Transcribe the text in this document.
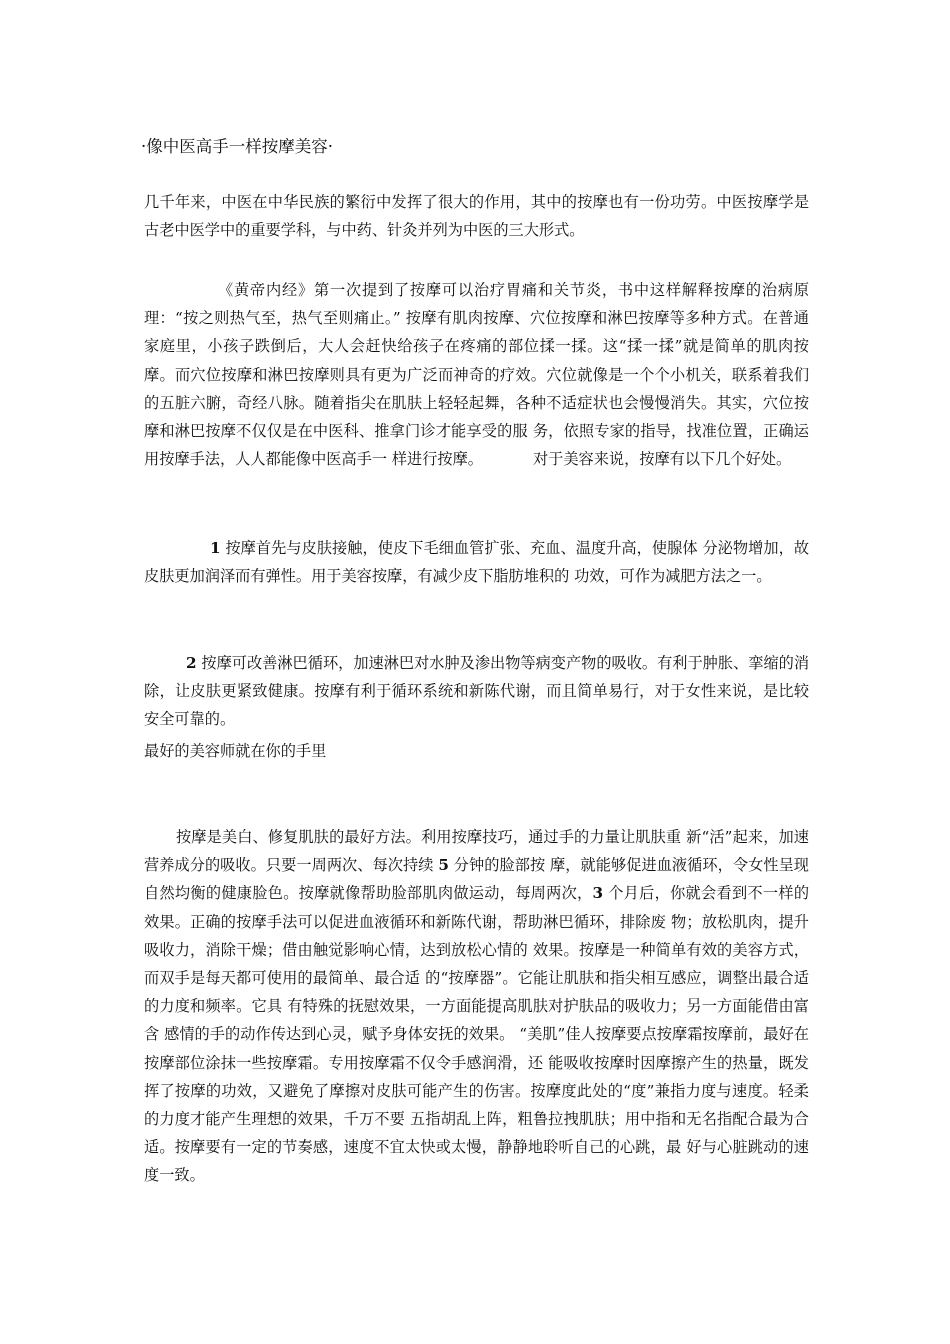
·像中医高手一样按摩美容·

几千年来，中医在中华民族的繁衍中发挥了很大的作用，其中的按摩也有一份功劳。中医按摩学是古老中医学中的重要学科，与中药、针灸并列为中医的三大形式。

《黄帝内经》第一次提到了按摩可以治疗胃痛和关节炎，书中这样解释按摩的治病原理：“按之则热气至，热气至则痛止。” 按摩有肌肉按摩、穴位按摩和淋巴按摩等多种方式。在普通家庭里，小孩子跌倒后，大人会赶快给孩子在疼痛的部位揉一揉。这“揉一揉”就是简单的肌肉按摩。而穴位按摩和淋巴按摩则具有更为广泛而神奇的疗效。穴位就像是一个个小机关，联系着我们的五脏六腑，奇经八脉。随着指尖在肌肤上轻轻起舞，各种不适症状也会慢慢消失。其实，穴位按摩和淋巴按摩不仅仅是在中医科、推拿门诊才能享受的服 务，依照专家的指导，找准位置，正确运用按摩手法，人人都能像中医高手一 样进行按摩。	对于美容来说，按摩有以下几个好处。

1 按摩首先与皮肤接触，使皮下毛细血管扩张、充血、温度升高，使腺体 分泌物增加，故皮肤更加润泽而有弹性。用于美容按摩，有减少皮下脂肪堆积的 功效，可作为减肥方法之一。

2 按摩可改善淋巴循环，加速淋巴对水肿及渗出物等病变产物的吸收。有利于肿胀、挛缩的消除，让皮肤更紧致健康。按摩有利于循环系统和新陈代谢，而且简单易行，对于女性来说，是比较安全可靠的。

最好的美容师就在你的手里

按摩是美白、修复肌肤的最好方法。利用按摩技巧，通过手的力量让肌肤重 新“活”起来，加速营养成分的吸收。只要一周两次、每次持续 5 分钟的脸部按 摩，就能够促进血液循环，令女性呈现自然均衡的健康脸色。按摩就像帮助脸部肌肉做运动，每周两次，3 个月后，你就会看到不一样的 效果。正确的按摩手法可以促进血液循环和新陈代谢，帮助淋巴循环，排除废 物；放松肌肉，提升吸收力，消除干燥；借由触觉影响心情，达到放松心情的 效果。按摩是一种简单有效的美容方式，而双手是每天都可使用的最简单、最合适 的“按摩器”。它能让肌肤和指尖相互感应，调整出最合适的力度和频率。它具 有特殊的抚慰效果，一方面能提高肌肤对护肤品的吸收力；另一方面能借由富含 感情的手的动作传达到心灵，赋予身体安抚的效果。 “美肌”佳人按摩要点按摩霜按摩前，最好在按摩部位涂抹一些按摩霜。专用按摩霜不仅令手感润滑，还 能吸收按摩时因摩擦产生的热量，既发挥了按摩的功效，又避免了摩擦对皮肤可能产生的伤害。按摩度此处的“度”兼指力度与速度。轻柔的力度才能产生理想的效果，千万不要 五指胡乱上阵，粗鲁拉拽肌肤；用中指和无名指配合最为合适。按摩要有一定的节奏感，速度不宜太快或太慢，静静地聆听自己的心跳，最 好与心脏跳动的速度一致。
